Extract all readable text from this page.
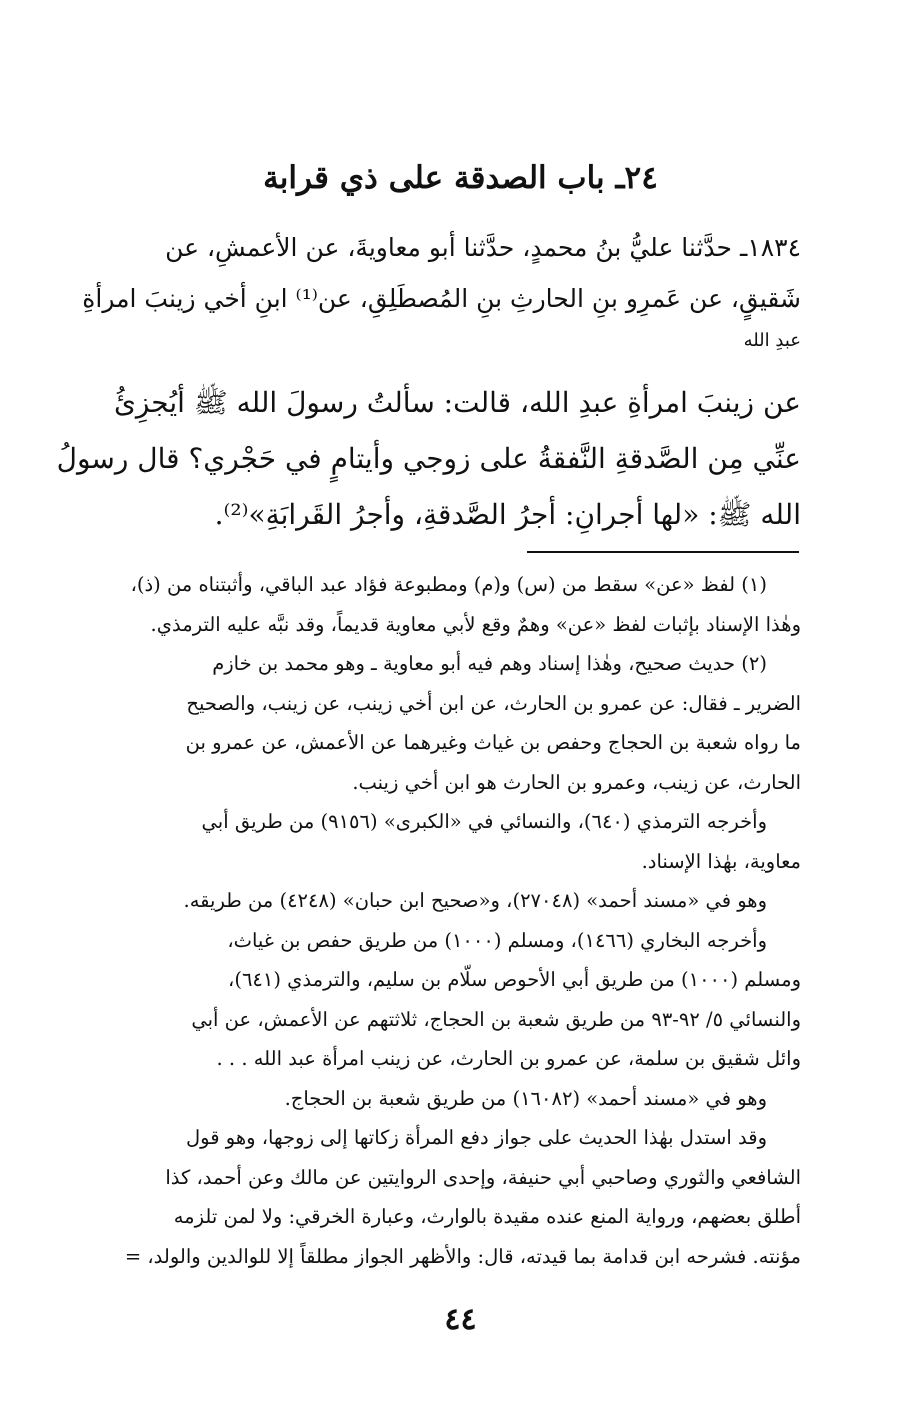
٢٤ـ باب الصدقة على ذي قرابة
١٨٣٤ـ حدَّثنا عليُّ بنُ محمدٍ، حدَّثنا أبو معاويةَ، عن الأعمشِ، عن
شَقيقٍ، عن عَمرِو بنِ الحارثِ بنِ المُصطَلِقِ، عن⁽¹⁾ ابنِ أخي زينبَ امرأةِ
عبدِ الله
عن زينبَ امرأةِ عبدِ الله، قالت: سألتُ رسولَ الله ﷺ أيُجزِئُ
عنِّي مِن الصَّدقةِ النَّفقةُ على زوجي وأيتامٍ في حَجْري؟ قال رسولُ
الله ﷺ: «لها أجرانِ: أجرُ الصَّدقةِ، وأجرُ القَرابَةِ»⁽²⁾.
(١) لفظ «عن» سقط من (س) و(م) ومطبوعة فؤاد عبد الباقي، وأثبتناه من (ذ)،
وهٰذا الإسناد بإثبات لفظ «عن» وهمٌ وقع لأبي معاوية قديماً، وقد نبَّه عليه الترمذي.
(٢) حديث صحيح، وهٰذا إسناد وهم فيه أبو معاوية ـ وهو محمد بن خازم
الضرير ـ فقال: عن عمرو بن الحارث، عن ابن أخي زينب، عن زينب، والصحيح
ما رواه شعبة بن الحجاج وحفص بن غياث وغيرهما عن الأعمش، عن عمرو بن
الحارث، عن زينب، وعمرو بن الحارث هو ابن أخي زينب.
وأخرجه الترمذي (٦٤٠)، والنسائي في «الكبرى» (٩١٥٦) من طريق أبي
معاوية، بهٰذا الإسناد.
وهو في «مسند أحمد» (٢٧٠٤٨)، و«صحيح ابن حبان» (٤٢٤٨) من طريقه.
وأخرجه البخاري (١٤٦٦)، ومسلم (١٠٠٠) من طريق حفص بن غياث،
ومسلم (١٠٠٠) من طريق أبي الأحوص سلّام بن سليم، والترمذي (٦٤١)،
والنسائي ٥/ ٩٢-٩٣ من طريق شعبة بن الحجاج، ثلاثتهم عن الأعمش، عن أبي
وائل شقيق بن سلمة، عن عمرو بن الحارث، عن زينب امرأة عبد الله . . .
وهو في «مسند أحمد» (١٦٠٨٢) من طريق شعبة بن الحجاج.
وقد استدل بهٰذا الحديث على جواز دفع المرأة زكاتها إلى زوجها، وهو قول
الشافعي والثوري وصاحبي أبي حنيفة، وإحدى الروايتين عن مالك وعن أحمد، كذا
أطلق بعضهم، ورواية المنع عنده مقيدة بالوارث، وعبارة الخرقي: ولا لمن تلزمه
مؤنته. فشرحه ابن قدامة بما قيدته، قال: والأظهر الجواز مطلقاً إلا للوالدين والولد، =
٤٤
